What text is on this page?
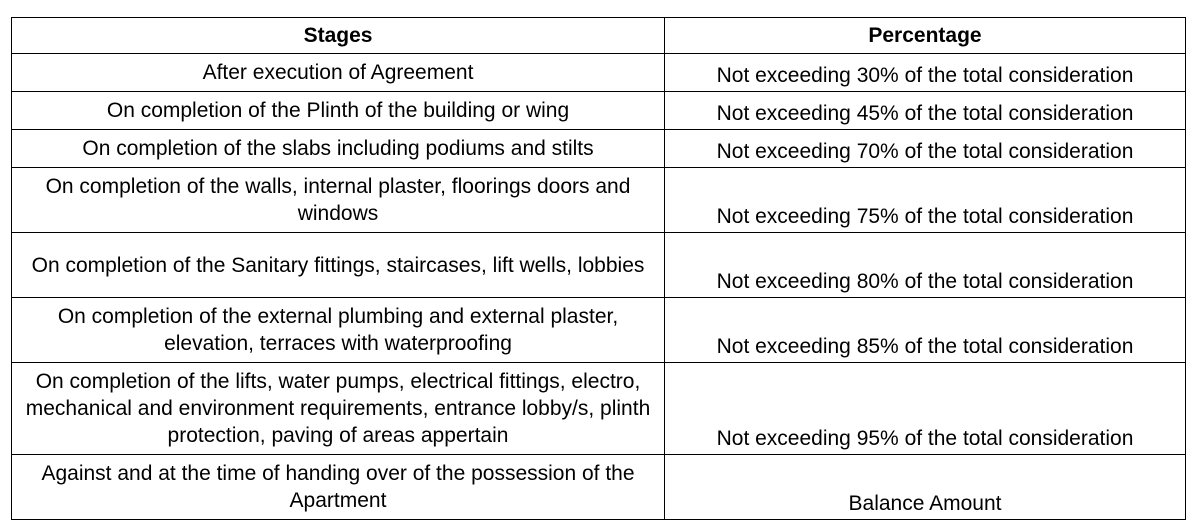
Stages	Percentage
After execution of Agreement	Not exceeding 30% of the total consideration
On completion of the Plinth of the building or wing	Not exceeding 45% of the total consideration
On completion of the slabs including podiums and stilts	Not exceeding 70% of the total consideration
On completion of the walls, internal plaster, floorings doors and windows	Not exceeding 75% of the total consideration
On completion of the Sanitary fittings, staircases, lift wells, lobbies	Not exceeding 80% of the total consideration
On completion of the external plumbing and external plaster, elevation, terraces with waterproofing	Not exceeding 85% of the total consideration
On completion of the lifts, water pumps, electrical fittings, electro, mechanical and environment requirements, entrance lobby/s, plinth protection, paving of areas appertain	Not exceeding 95% of the total consideration
Against and at the time of handing over of the possession of the Apartment	Balance Amount
